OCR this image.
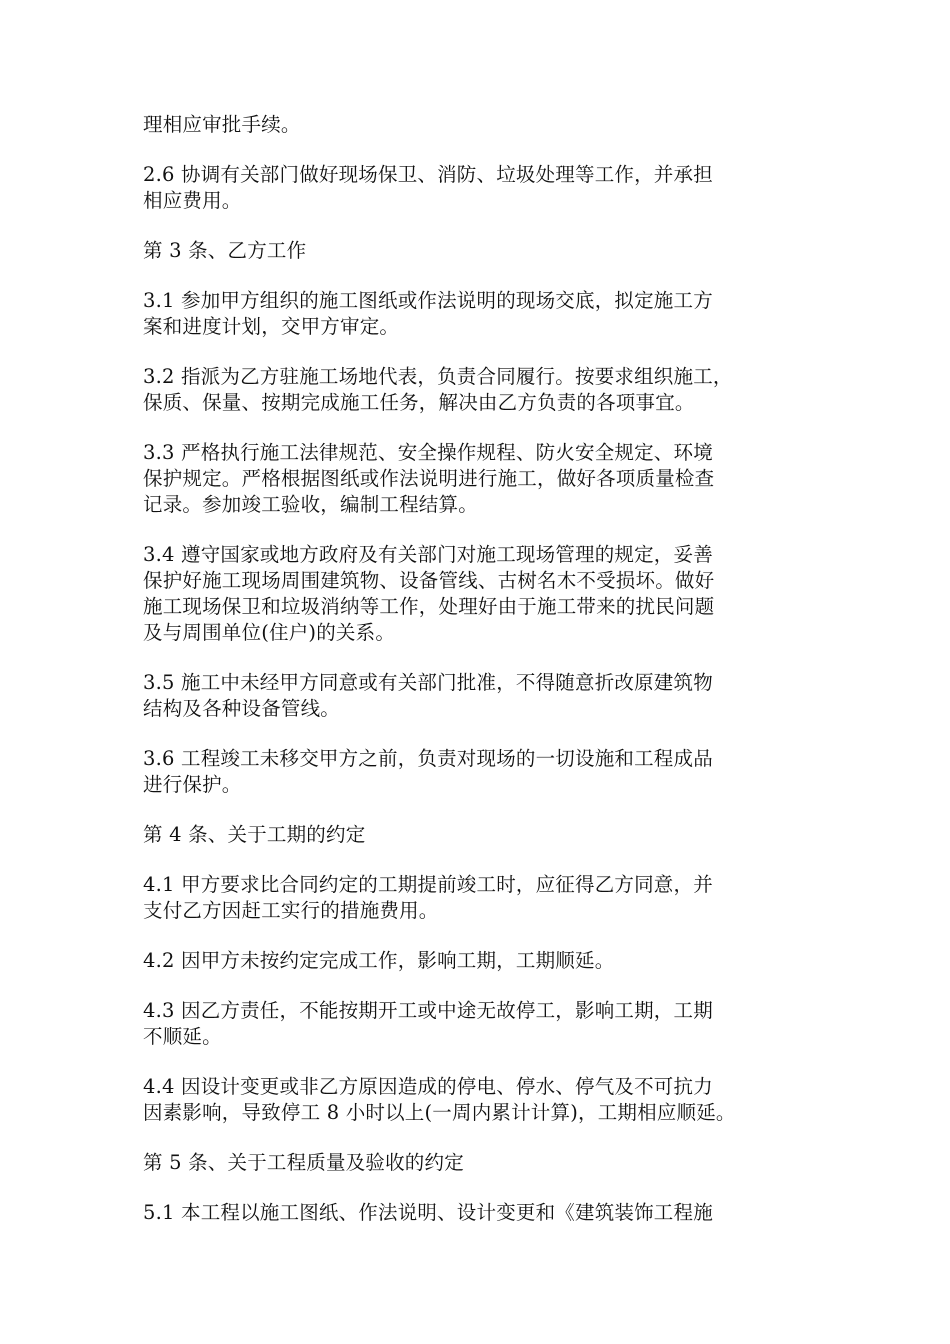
理相应审批手续。

2.6 协调有关部门做好现场保卫、消防、垃圾处理等工作，并承担
相应费用。

第 3 条、乙方工作

3.1 参加甲方组织的施工图纸或作法说明的现场交底，拟定施工方
案和进度计划，交甲方审定。

3.2 指派为乙方驻施工场地代表，负责合同履行。按要求组织施工，
保质、保量、按期完成施工任务，解决由乙方负责的各项事宜。

3.3 严格执行施工法律规范、安全操作规程、防火安全规定、环境
保护规定。严格根据图纸或作法说明进行施工，做好各项质量检查
记录。参加竣工验收，编制工程结算。

3.4 遵守国家或地方政府及有关部门对施工现场管理的规定，妥善
保护好施工现场周围建筑物、设备管线、古树名木不受损坏。做好
施工现场保卫和垃圾消纳等工作，处理好由于施工带来的扰民问题
及与周围单位(住户)的关系。

3.5 施工中未经甲方同意或有关部门批准，不得随意折改原建筑物
结构及各种设备管线。

3.6 工程竣工未移交甲方之前，负责对现场的一切设施和工程成品
进行保护。

第 4 条、关于工期的约定

4.1 甲方要求比合同约定的工期提前竣工时，应征得乙方同意，并
支付乙方因赶工实行的措施费用。

4.2 因甲方未按约定完成工作，影响工期，工期顺延。

4.3 因乙方责任，不能按期开工或中途无故停工，影响工期，工期
不顺延。

4.4 因设计变更或非乙方原因造成的停电、停水、停气及不可抗力
因素影响，导致停工 8 小时以上(一周内累计计算)，工期相应顺延。

第 5 条、关于工程质量及验收的约定

5.1 本工程以施工图纸、作法说明、设计变更和《建筑装饰工程施
